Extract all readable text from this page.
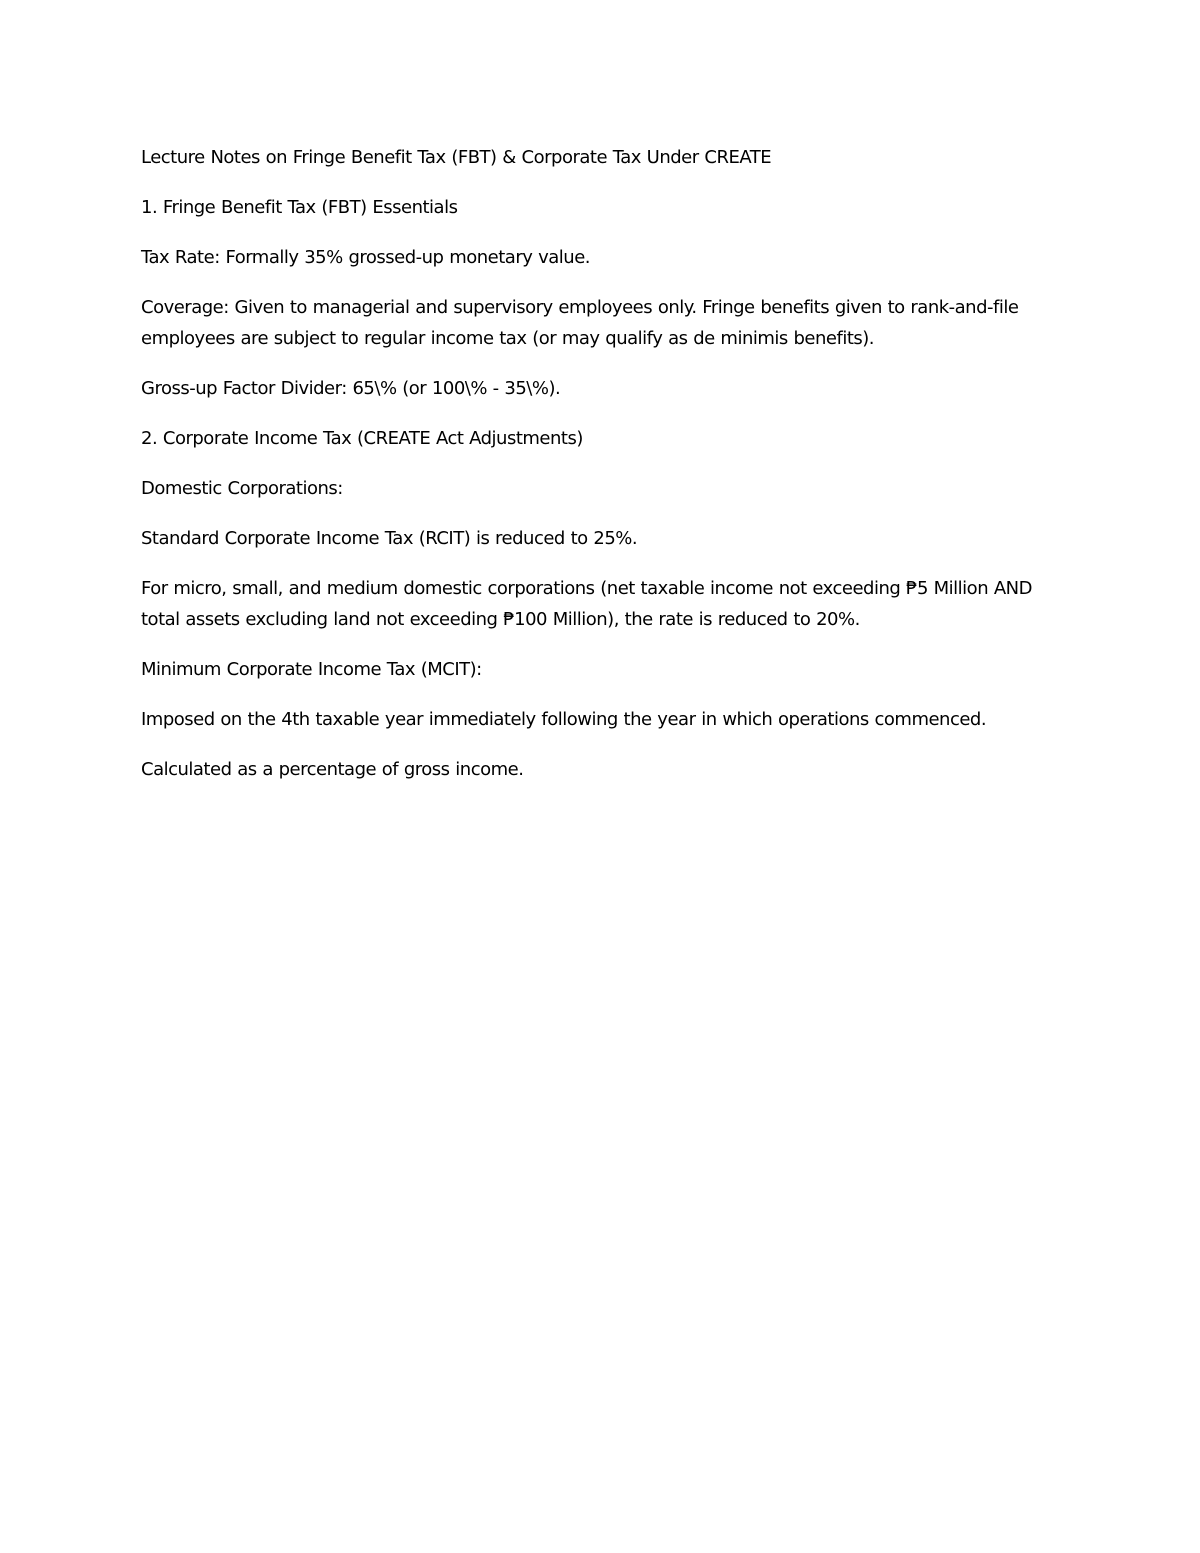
Lecture Notes on Fringe Benefit Tax (FBT) & Corporate Tax Under CREATE

1. Fringe Benefit Tax (FBT) Essentials

Tax Rate: Formally 35% grossed-up monetary value.

Coverage: Given to managerial and supervisory employees only. Fringe benefits given to rank-and-file employees are subject to regular income tax (or may qualify as de minimis benefits).

Gross-up Factor Divider: 65\% (or 100\% - 35\%).

2. Corporate Income Tax (CREATE Act Adjustments)

Domestic Corporations:

Standard Corporate Income Tax (RCIT) is reduced to 25%.

For micro, small, and medium domestic corporations (net taxable income not exceeding ₱5 Million AND total assets excluding land not exceeding ₱100 Million), the rate is reduced to 20%.

Minimum Corporate Income Tax (MCIT):

Imposed on the 4th taxable year immediately following the year in which operations commenced.

Calculated as a percentage of gross income.
